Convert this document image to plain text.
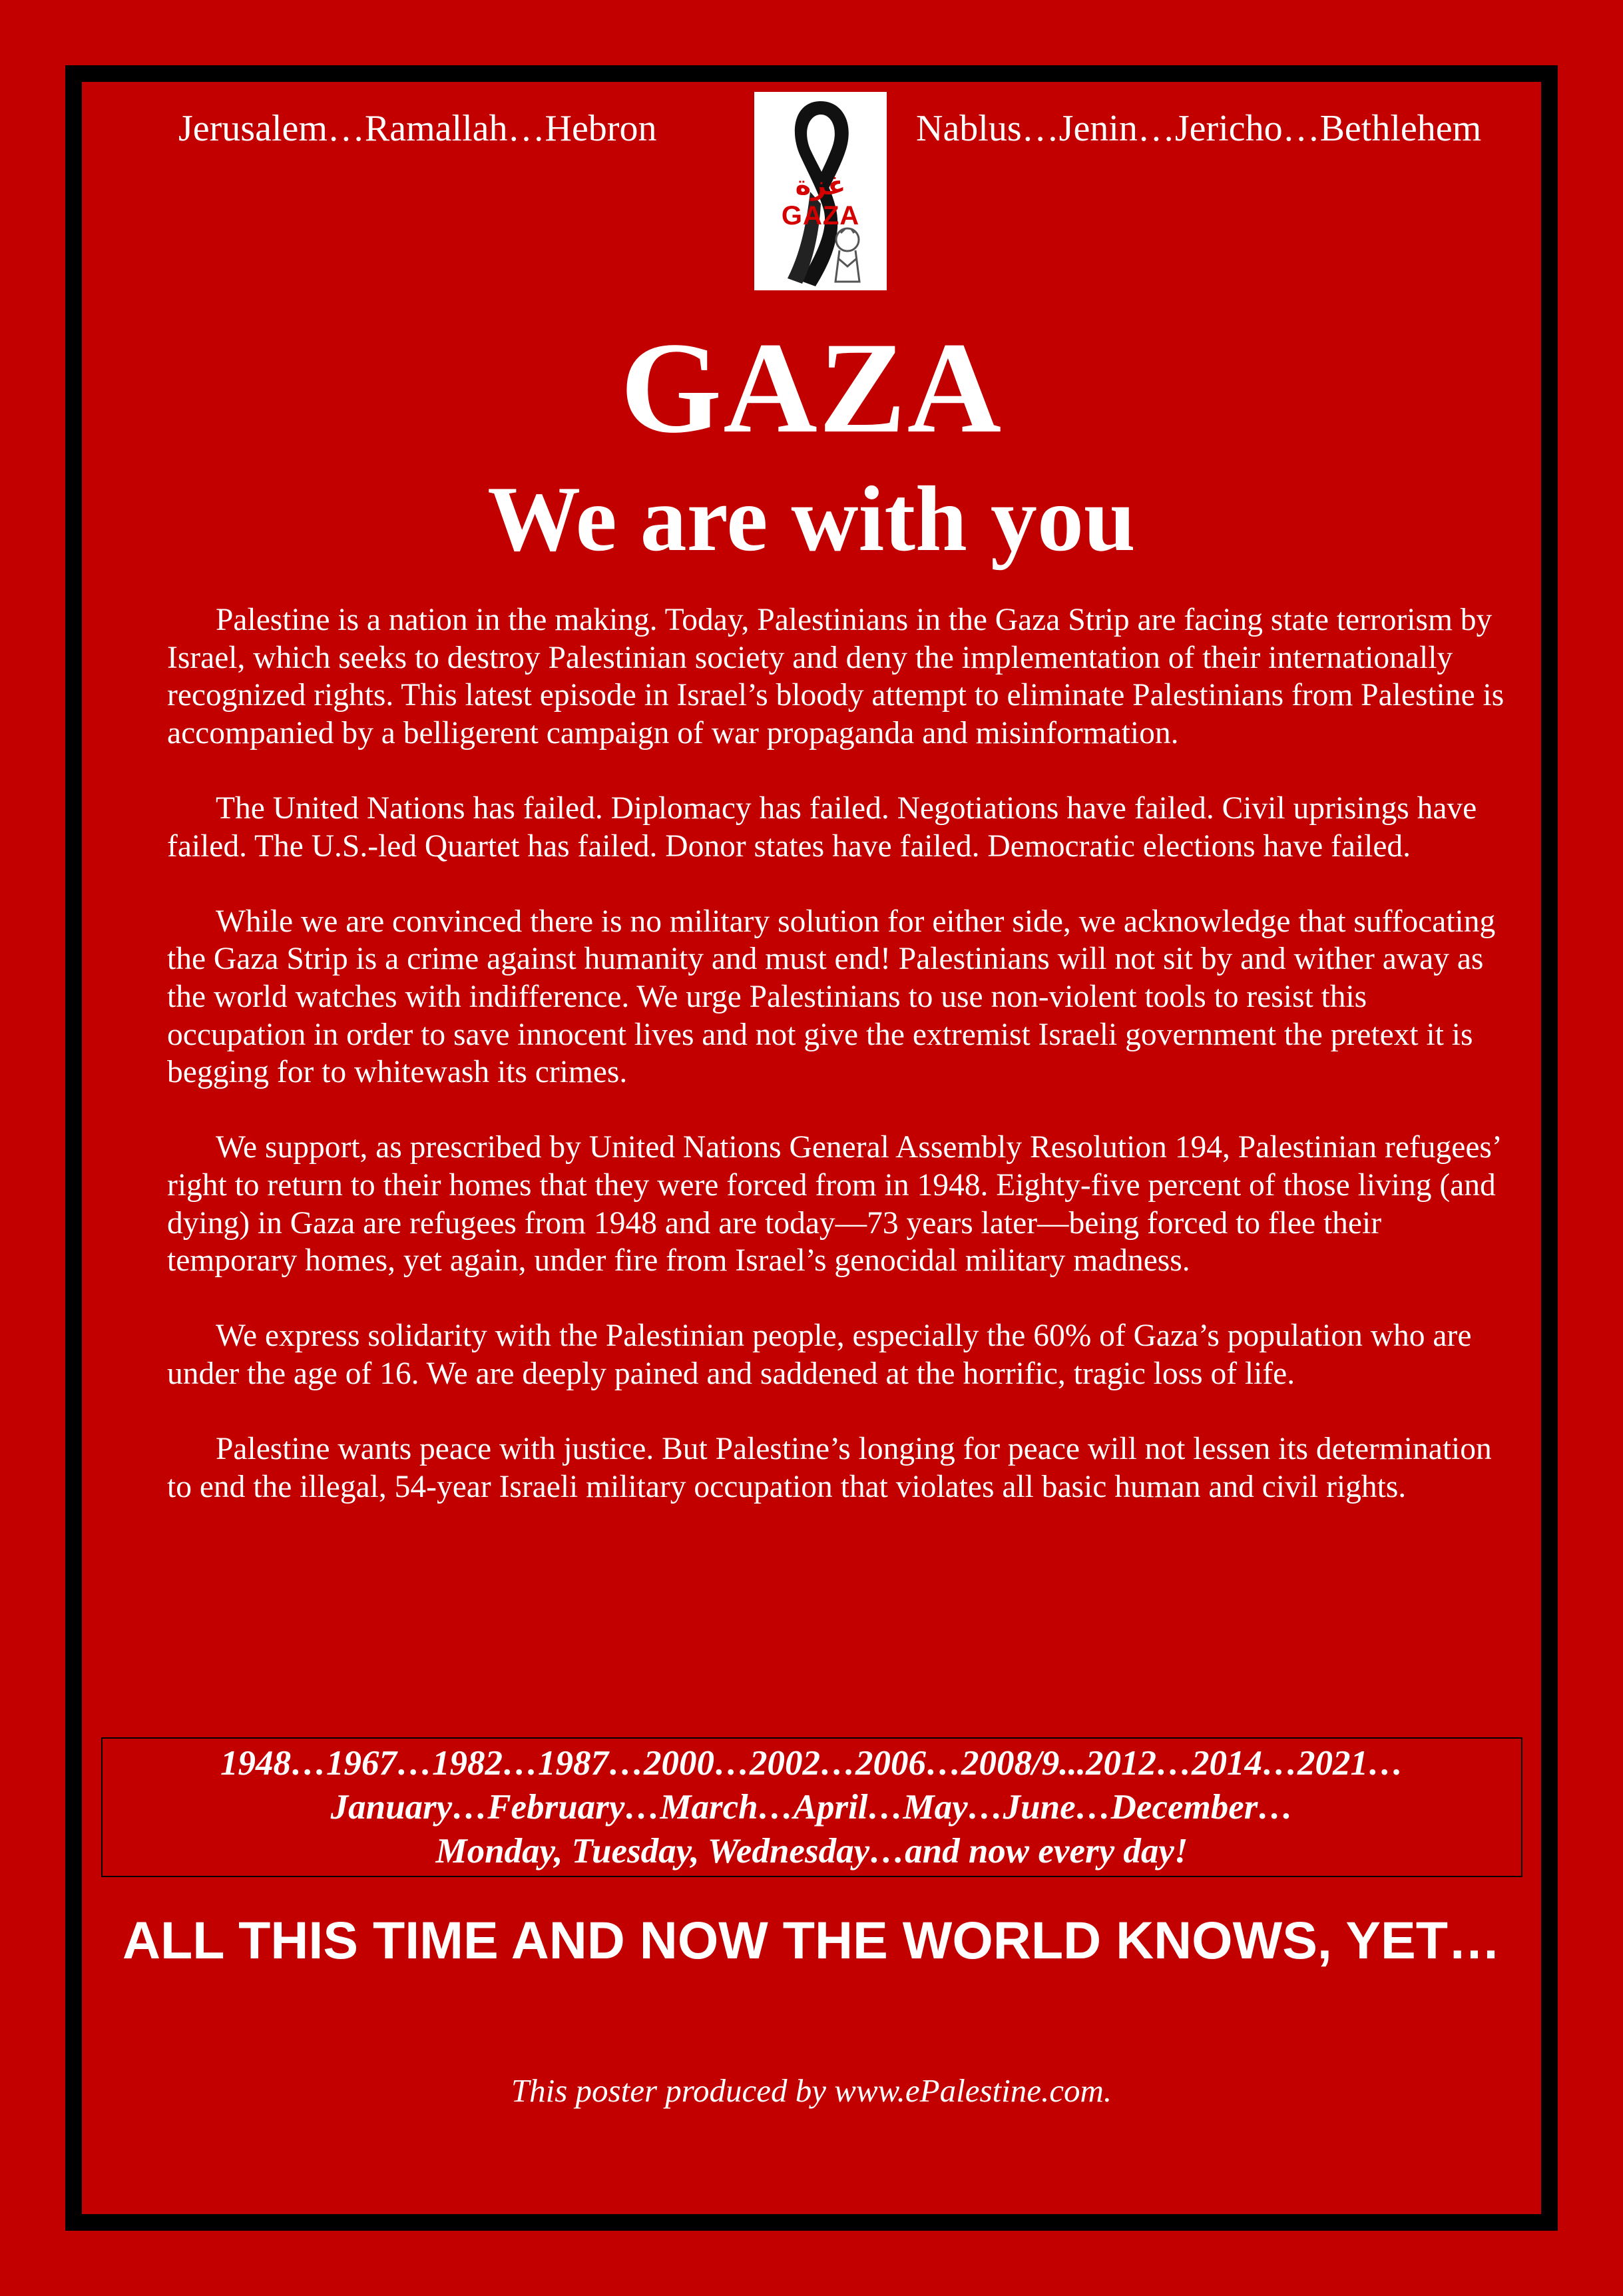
Jerusalem…Ramallah…Hebron
غزة
GAZA
Nablus…Jenin…Jericho…Bethlehem
GAZA
We are with you

Palestine is a nation in the making. Today, Palestinians in the Gaza Strip are facing state terrorism by Israel, which seeks to destroy Palestinian society and deny the implementation of their internationally recognized rights. This latest episode in Israel’s bloody attempt to eliminate Palestinians from Palestine is accompanied by a belligerent campaign of war propaganda and misinformation.

The United Nations has failed. Diplomacy has failed. Negotiations have failed. Civil uprisings have failed. The U.S.-led Quartet has failed. Donor states have failed. Democratic elections have failed.

While we are convinced there is no military solution for either side, we acknowledge that suffocating the Gaza Strip is a crime against humanity and must end! Palestinians will not sit by and wither away as the world watches with indifference. We urge Palestinians to use non-violent tools to resist this occupation in order to save innocent lives and not give the extremist Israeli government the pretext it is begging for to whitewash its crimes.

We support, as prescribed by United Nations General Assembly Resolution 194, Palestinian refugees’ right to return to their homes that they were forced from in 1948. Eighty-five percent of those living (and dying) in Gaza are refugees from 1948 and are today—73 years later—being forced to flee their temporary homes, yet again, under fire from Israel’s genocidal military madness.

We express solidarity with the Palestinian people, especially the 60% of Gaza’s population who are under the age of 16. We are deeply pained and saddened at the horrific, tragic loss of life.

Palestine wants peace with justice. But Palestine’s longing for peace will not lessen its determination to end the illegal, 54-year Israeli military occupation that violates all basic human and civil rights.

1948…1967…1982…1987…2000…2002…2006…2008/9...2012…2014…2021…
January…February…March…April…May…June…December…
Monday, Tuesday, Wednesday…and now every day!
ALL THIS TIME AND NOW THE WORLD KNOWS, YET…
This poster produced by www.ePalestine.com.
